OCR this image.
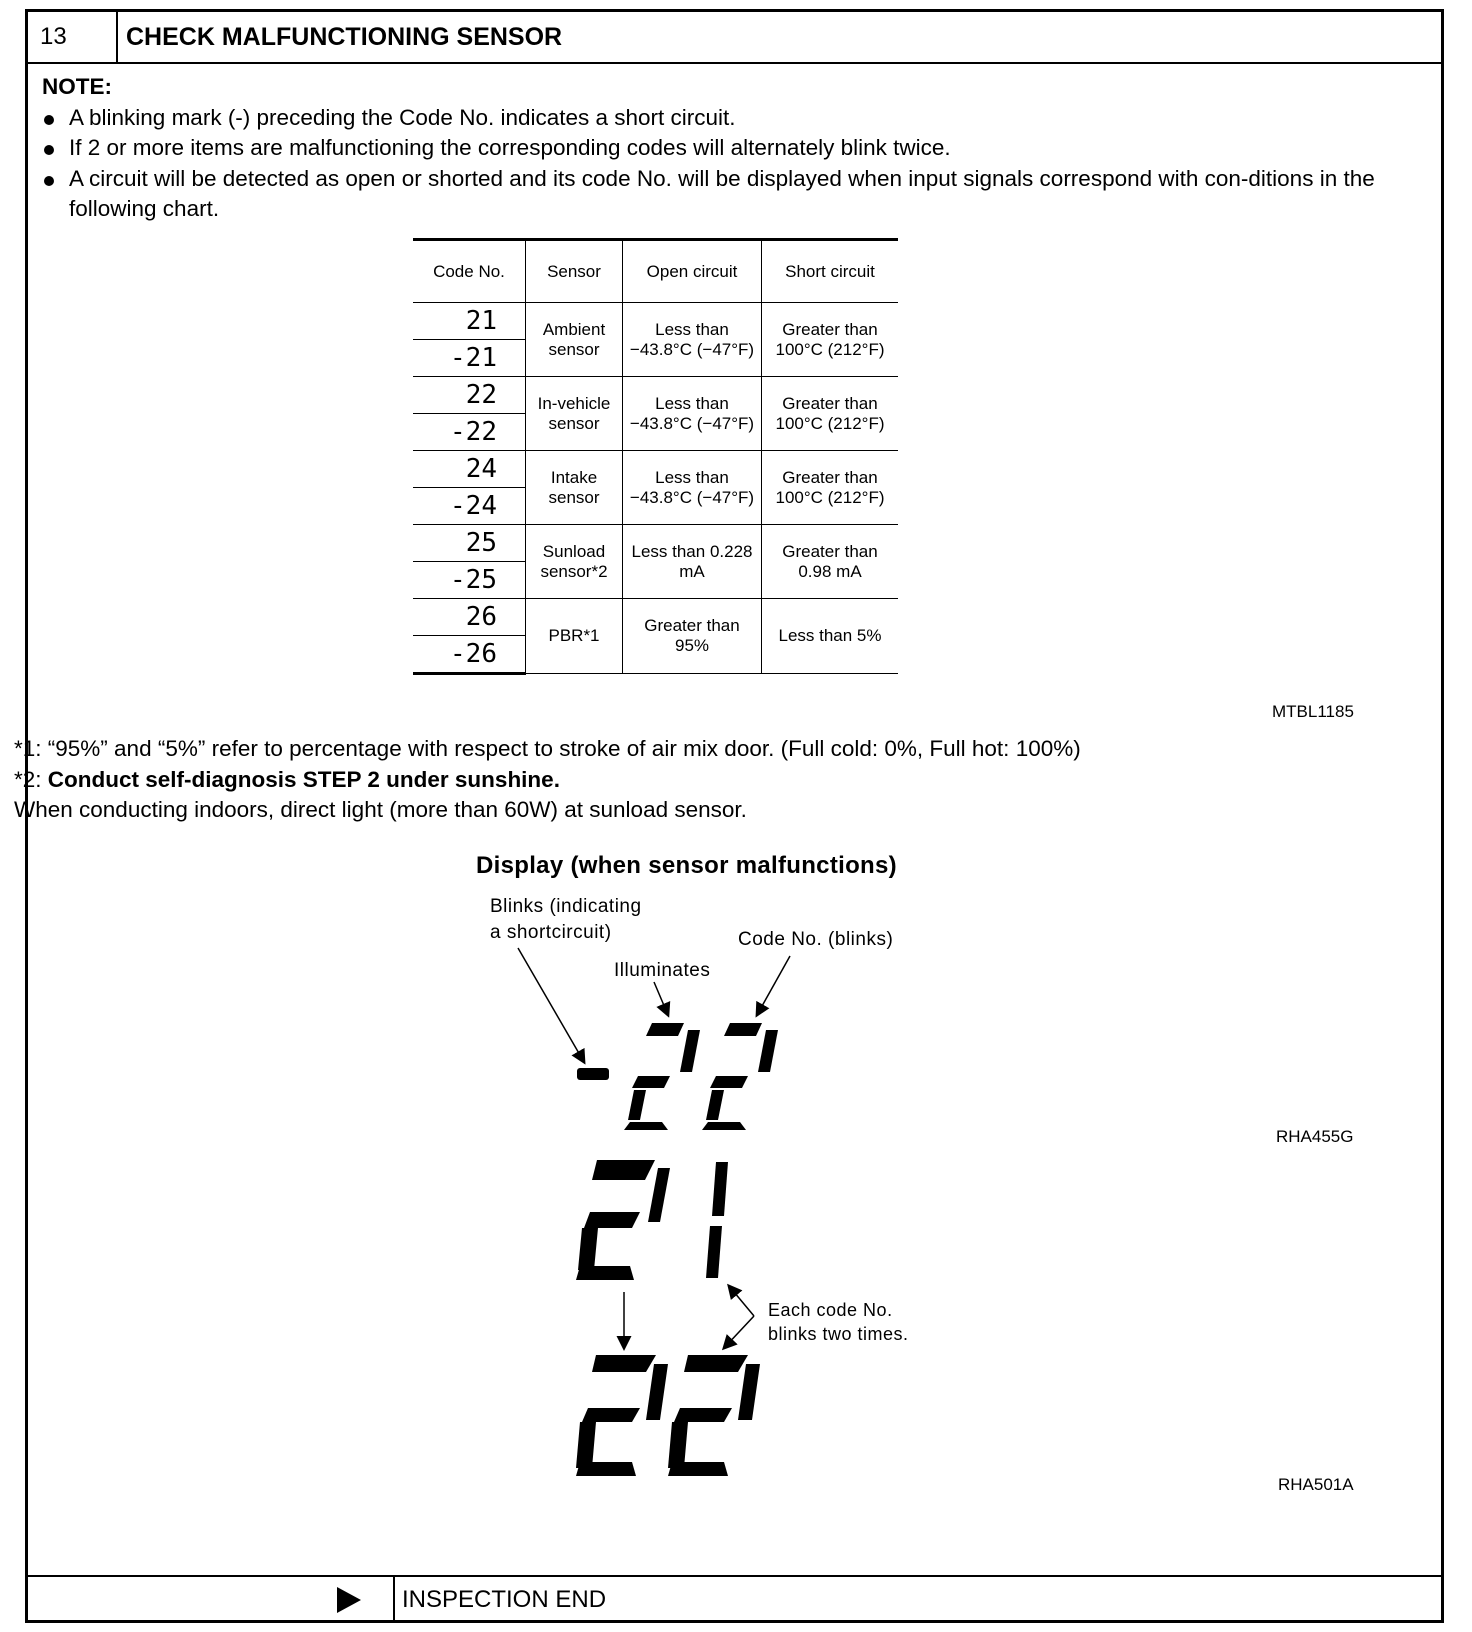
13	CHECK MALFUNCTIONING SENSOR
NOTE:
A blinking mark (-) preceding the Code No. indicates a short circuit.
If 2 or more items are malfunctioning the corresponding codes will alternately blink twice.
A circuit will be detected as open or shorted and its code No. will be displayed when input signals correspond with con-ditions in the following chart.
Code No.	Sensor	Open circuit	Short circuit
21	Ambient sensor	Less than −43.8°C (−47°F)	Greater than 100°C (212°F)
-21			
22	In-vehicle sensor	Less than −43.8°C (−47°F)	Greater than 100°C (212°F)
-22			
24	Intake sensor	Less than −43.8°C (−47°F)	Greater than 100°C (212°F)
-24			
25	Sunload sensor*2	Less than 0.228 mA	Greater than 0.98 mA
-25			
26	PBR*1	Greater than 95%	Less than 5%
-26			
MTBL1185
*1: “95%” and “5%” refer to percentage with respect to stroke of air mix door. (Full cold: 0%, Full hot: 100%)
*2: Conduct self-diagnosis STEP 2 under sunshine.
When conducting indoors, direct light (more than 60W) at sunload sensor.
Display (when sensor malfunctions)
Blinks (indicating
a shortcircuit)
Illuminates
Code No. (blinks)
RHA455G
Each code No.
blinks two times.
RHA501A
INSPECTION END
